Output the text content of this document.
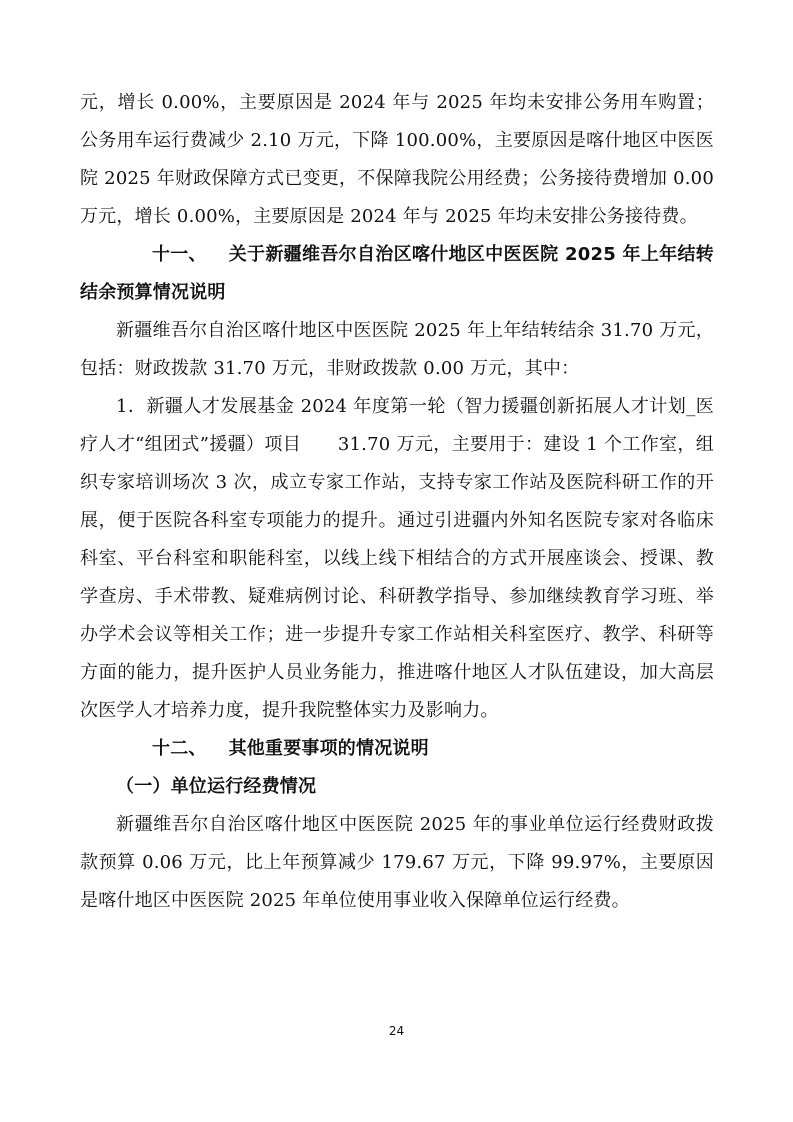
元，增长 0.00%，主要原因是 2024 年与 2025 年均未安排公务用车购置；公务用车运行费减少 2.10 万元，下降 100.00%，主要原因是喀什地区中医医院 2025 年财政保障方式已变更，不保障我院公用经费；公务接待费增加 0.00 万元，增长 0.00%，主要原因是 2024 年与 2025 年均未安排公务接待费。

十一、 关于新疆维吾尔自治区喀什地区中医医院 2025 年上年结转结余预算情况说明

新疆维吾尔自治区喀什地区中医医院 2025 年上年结转结余 31.70 万元，包括：财政拨款 31.70 万元，非财政拨款 0.00 万元，其中：

1．新疆人才发展基金 2024 年度第一轮（智力援疆创新拓展人才计划_医疗人才“组团式”援疆）项目　　31.70 万元，主要用于：建设 1 个工作室，组织专家培训场次 3 次，成立专家工作站，支持专家工作站及医院科研工作的开展，便于医院各科室专项能力的提升。通过引进疆内外知名医院专家对各临床科室、平台科室和职能科室，以线上线下相结合的方式开展座谈会、授课、教学查房、手术带教、疑难病例讨论、科研教学指导、参加继续教育学习班、举办学术会议等相关工作；进一步提升专家工作站相关科室医疗、教学、科研等方面的能力，提升医护人员业务能力，推进喀什地区人才队伍建设，加大高层次医学人才培养力度，提升我院整体实力及影响力。

十二、 其他重要事项的情况说明

（一）单位运行经费情况

新疆维吾尔自治区喀什地区中医医院 2025 年的事业单位运行经费财政拨款预算 0.06 万元，比上年预算减少 179.67 万元，下降 99.97%，主要原因是喀什地区中医医院 2025 年单位使用事业收入保障单位运行经费。

24
